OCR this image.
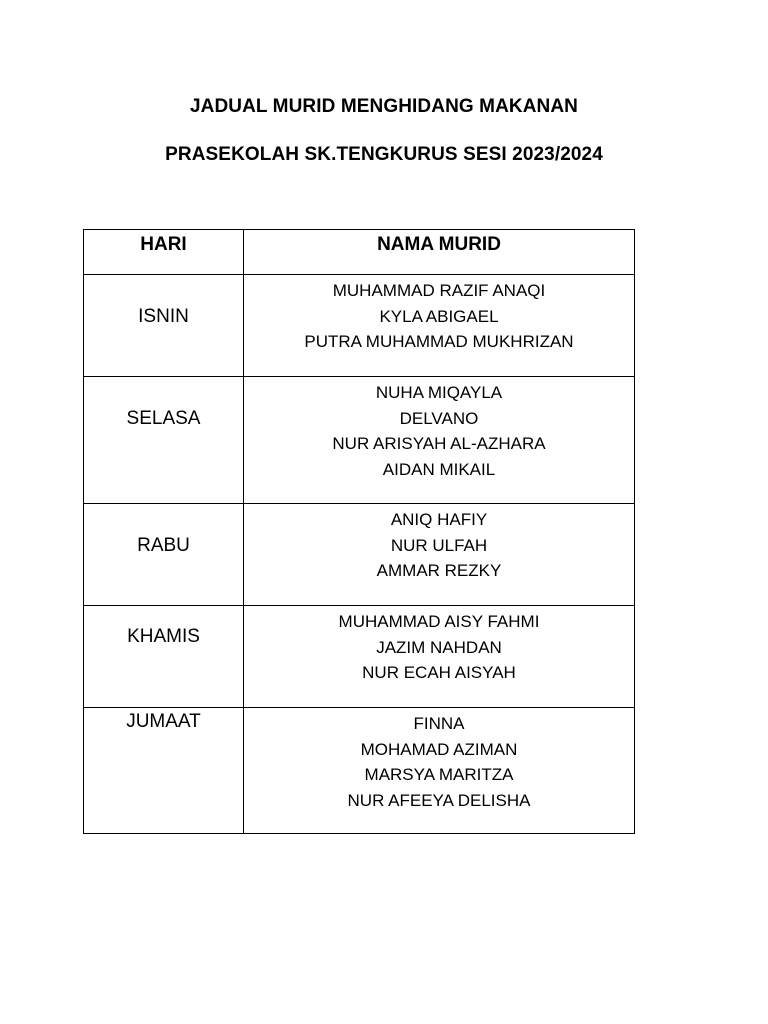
JADUAL MURID MENGHIDANG MAKANAN
PRASEKOLAH SK.TENGKURUS SESI 2023/2024
HARI	NAMA MURID

ISNIN	MUHAMMAD RAZIF ANAQI
KYLA ABIGAEL
PUTRA MUHAMMAD MUKHRIZAN

SELASA	NUHA MIQAYLA
DELVANO
NUR ARISYAH AL-AZHARA
AIDAN MIKAIL

RABU	ANIQ HAFIY
NUR ULFAH
AMMAR REZKY

KHAMIS	MUHAMMAD AISY FAHMI
JAZIM NAHDAN
NUR ECAH AISYAH

JUMAAT	FINNA
MOHAMAD AZIMAN
MARSYA MARITZA
NUR AFEEYA DELISHA
